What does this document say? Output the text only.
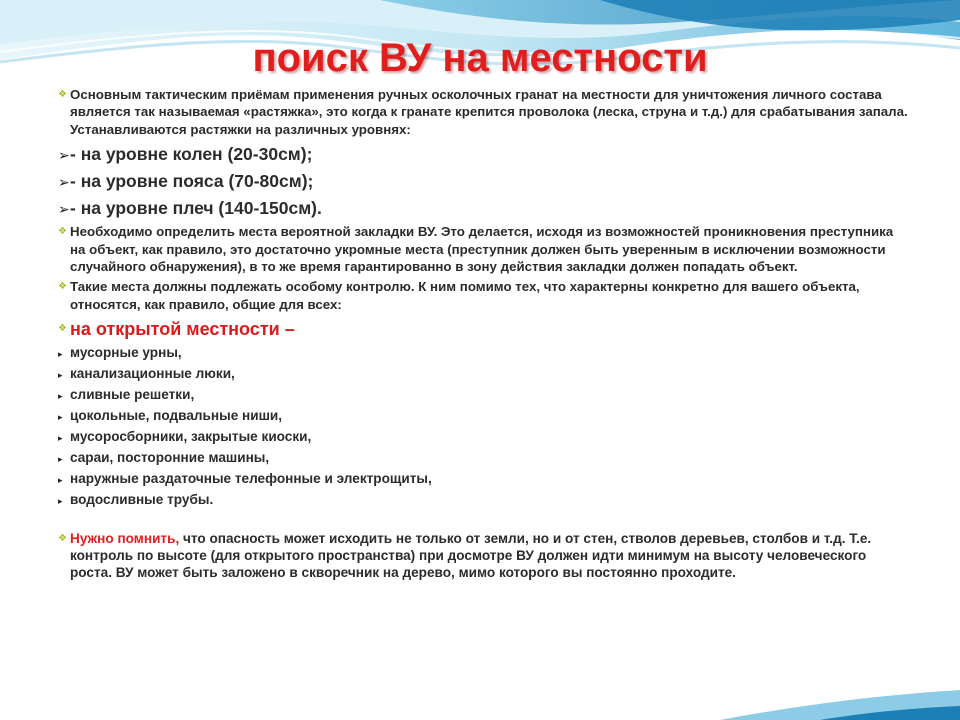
поиск ВУ на местности
❖ Основным тактическим приёмам применения ручных осколочных гранат на местности для уничтожения личного состава является так называемая «растяжка», это когда к гранате крепится проволока (леска, струна и т.д.) для срабатывания запала. Устанавливаются растяжки на различных уровнях:
➢ - на уровне колен (20-30см);
➢ - на уровне пояса (70-80см);
➢ - на уровне плеч (140-150см).
❖ Необходимо определить места вероятной закладки ВУ. Это делается, исходя из возможностей проникновения преступника на объект, как правило, это достаточно укромные места (преступник должен быть уверенным в исключении возможности случайного обнаружения), в то же время гарантированно в зону действия закладки должен попадать объект.
❖ Такие места должны подлежать особому контролю. К ним помимо тех, что характерны конкретно для вашего объекта, относятся, как правило, общие для всех:
❖ на открытой местности –
▸ мусорные урны,
▸ канализационные люки,
▸ сливные решетки,
▸ цокольные, подвальные ниши,
▸ мусоросборники, закрытые киоски,
▸ сараи, посторонние машины,
▸ наружные раздаточные телефонные и электрощиты,
▸ водосливные трубы.
❖ Нужно помнить, что опасность может исходить не только от земли, но и от стен, стволов деревьев, столбов и т.д. Т.е. контроль по высоте (для открытого пространства) при досмотре ВУ должен идти минимум на высоту человеческого роста. ВУ может быть заложено в скворечник на дерево, мимо которого вы постоянно проходите.
